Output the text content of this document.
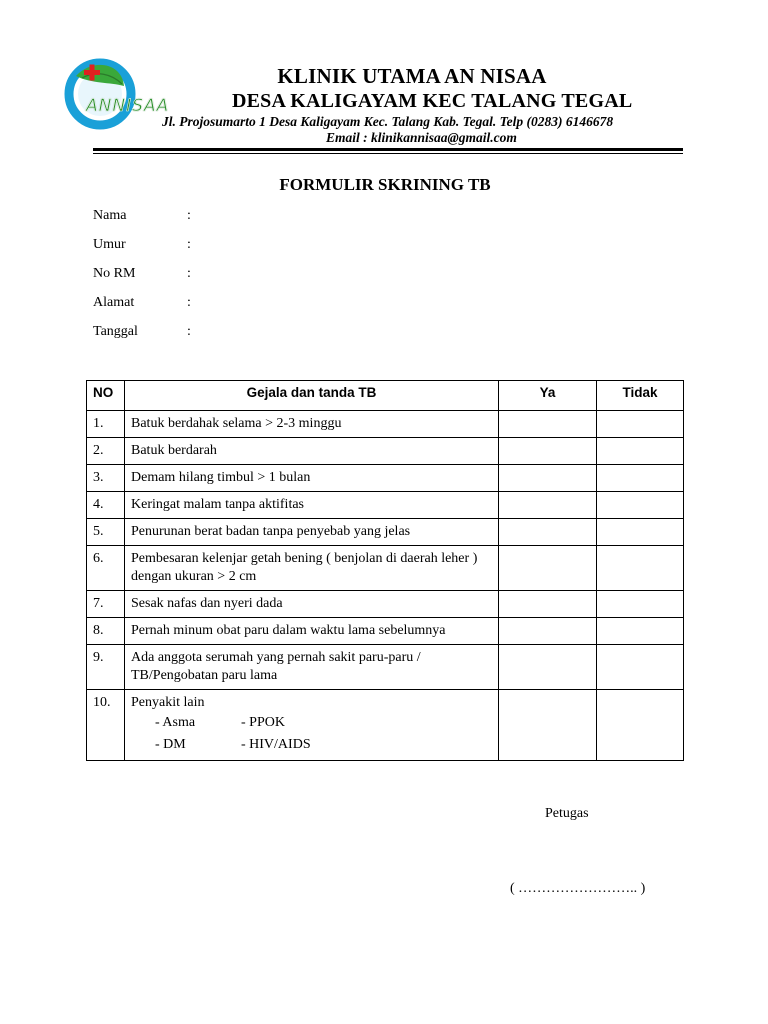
ANNISAA
KLINIK UTAMA AN NISAA
DESA KALIGAYAM KEC TALANG TEGAL
Jl. Projosumarto 1 Desa Kaligayam Kec. Talang Kab. Tegal. Telp (0283) 6146678
Email : klinikannisaa@gmail.com
FORMULIR SKRINING TB
Nama	:
Umur	:
No RM	:
Alamat	:
Tanggal	:
NO	Gejala dan tanda TB	Ya	Tidak
1.	Batuk berdahak selama > 2-3 minggu		
2.	Batuk berdarah		
3.	Demam hilang timbul > 1 bulan		
4.	Keringat malam tanpa aktifitas		
5.	Penurunan berat badan tanpa penyebab yang jelas		
6.	Pembesaran kelenjar getah bening ( benjolan di daerah leher ) dengan ukuran > 2 cm		
7.	Sesak nafas dan nyeri dada		
8.	Pernah minum obat paru dalam waktu lama sebelumnya		
9.	Ada anggota serumah yang pernah sakit paru-paru / TB/Pengobatan paru lama		
10.	Penyakit lain
- Asma - PPOK
- DM - HIV/AIDS		

Petugas
( …………………….. )
